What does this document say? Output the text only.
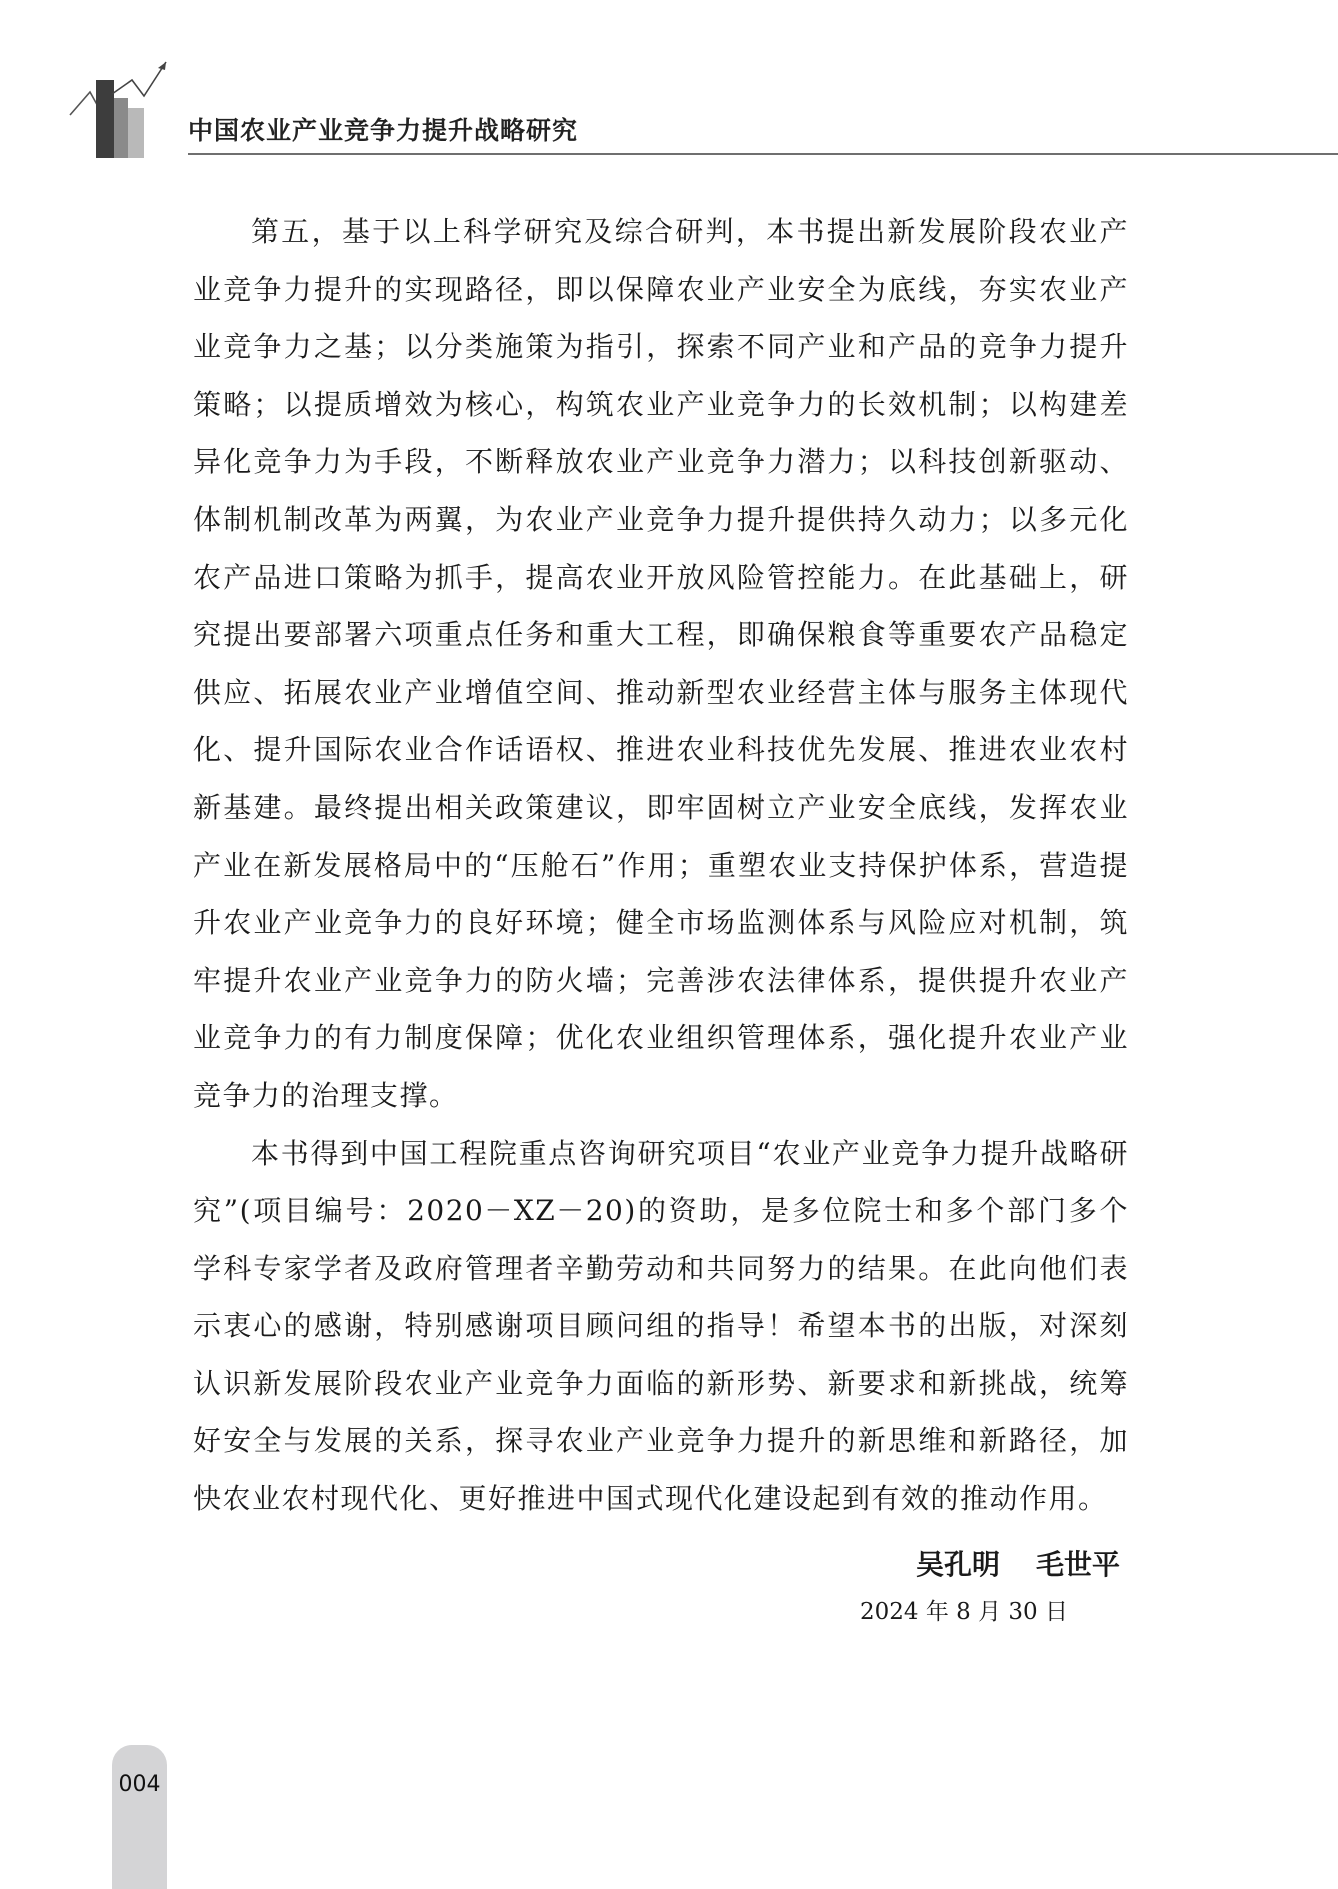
中国农业产业竞争力提升战略研究

第五，基于以上科学研究及综合研判，本书提出新发展阶段农业产业竞争力提升的实现路径，即以保障农业产业安全为底线，夯实农业产业竞争力之基；以分类施策为指引，探索不同产业和产品的竞争力提升策略；以提质增效为核心，构筑农业产业竞争力的长效机制；以构建差异化竞争力为手段，不断释放农业产业竞争力潜力；以科技创新驱动、体制机制改革为两翼，为农业产业竞争力提升提供持久动力；以多元化农产品进口策略为抓手，提高农业开放风险管控能力。在此基础上，研究提出要部署六项重点任务和重大工程，即确保粮食等重要农产品稳定供应、拓展农业产业增值空间、推动新型农业经营主体与服务主体现代化、提升国际农业合作话语权、推进农业科技优先发展、推进农业农村新基建。最终提出相关政策建议，即牢固树立产业安全底线，发挥农业产业在新发展格局中的“压舱石”作用；重塑农业支持保护体系，营造提升农业产业竞争力的良好环境；健全市场监测体系与风险应对机制，筑牢提升农业产业竞争力的防火墙；完善涉农法律体系，提供提升农业产业竞争力的有力制度保障；优化农业组织管理体系，强化提升农业产业竞争力的治理支撑。

本书得到中国工程院重点咨询研究项目“农业产业竞争力提升战略研究”(项目编号：2020－XZ－20)的资助，是多位院士和多个部门多个学科专家学者及政府管理者辛勤劳动和共同努力的结果。在此向他们表示衷心的感谢，特别感谢项目顾问组的指导！希望本书的出版，对深刻认识新发展阶段农业产业竞争力面临的新形势、新要求和新挑战，统筹好安全与发展的关系，探寻农业产业竞争力提升的新思维和新路径，加快农业农村现代化、更好推进中国式现代化建设起到有效的推动作用。

吴孔明 毛世平
2024 年 8 月 30 日
004
